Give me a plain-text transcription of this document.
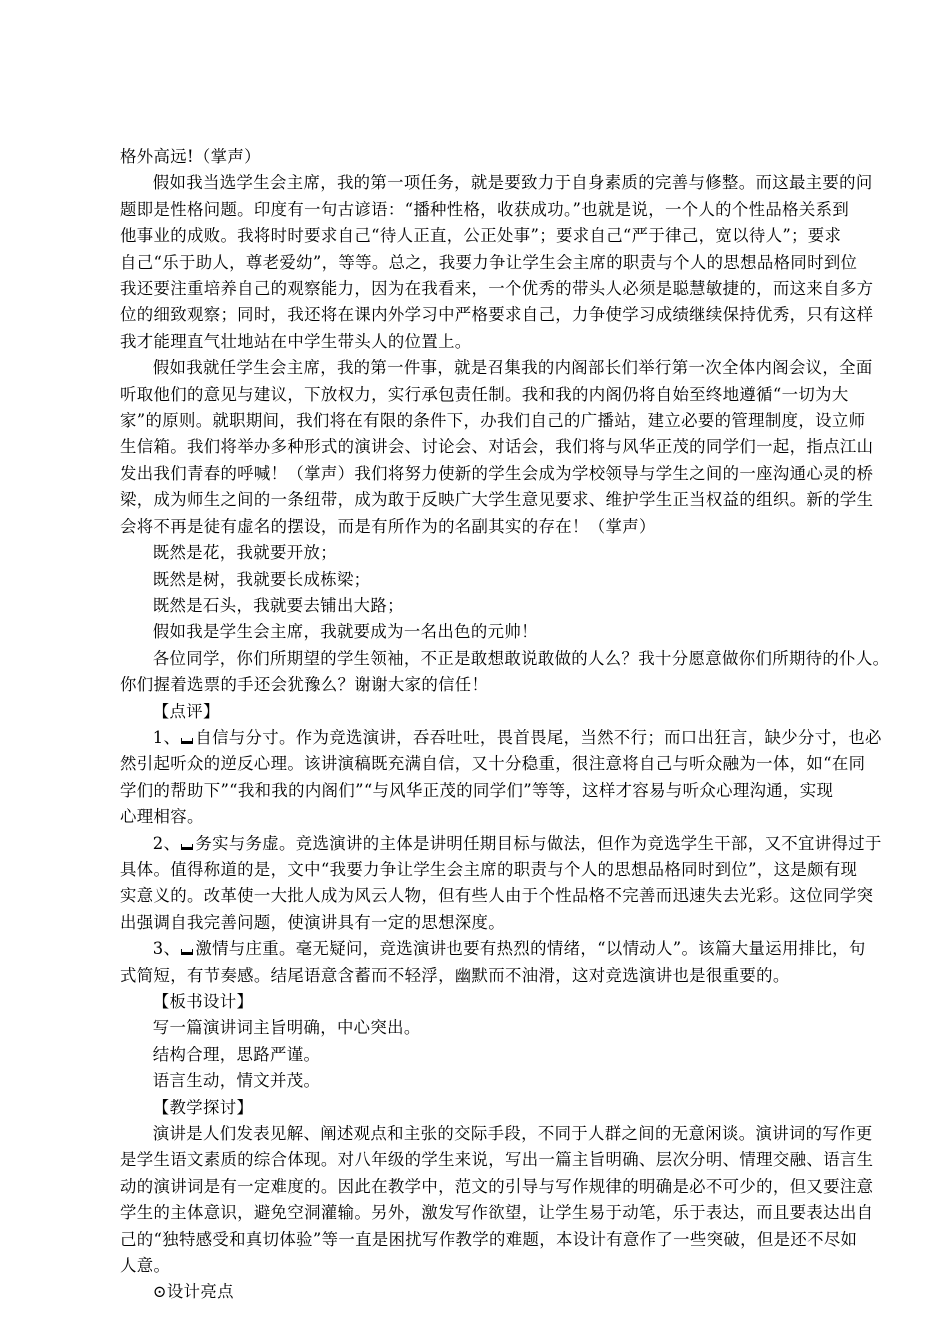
格外高远!（掌声）

假如我当选学生会主席，我的第一项任务，就是要致力于自身素质的完善与修整。而这最主要的问

题即是性格问题。印度有一句古谚语：“播种性格，收获成功。”也就是说，一个人的个性品格关系到

他事业的成败。我将时时要求自己“待人正直，公正处事”；要求自己“严于律己，宽以待人”；要求

自己“乐于助人，尊老爱幼”，等等。总之，我要力争让学生会主席的职责与个人的思想品格同时到位

我还要注重培养自己的观察能力，因为在我看来，一个优秀的带头人必须是聪慧敏捷的，而这来自多方

位的细致观察；同时，我还将在课内外学习中严格要求自己，力争使学习成绩继续保持优秀，只有这样

我才能理直气壮地站在中学生带头人的位置上。

假如我就任学生会主席，我的第一件事，就是召集我的内阁部长们举行第一次全体内阁会议，全面

听取他们的意见与建议，下放权力，实行承包责任制。我和我的内阁仍将自始至终地遵循“一切为大

家”的原则。就职期间，我们将在有限的条件下，办我们自己的广播站，建立必要的管理制度，设立师

生信箱。我们将举办多种形式的演讲会、讨论会、对话会，我们将与风华正茂的同学们一起，指点江山

发出我们青春的呼喊！（掌声）我们将努力使新的学生会成为学校领导与学生之间的一座沟通心灵的桥

梁，成为师生之间的一条纽带，成为敢于反映广大学生意见要求、维护学生正当权益的组织。新的学生

会将不再是徒有虚名的摆设，而是有所作为的名副其实的存在！（掌声）

既然是花，我就要开放；

既然是树，我就要长成栋梁；

既然是石头，我就要去铺出大路；

假如我是学生会主席，我就要成为一名出色的元帅！

各位同学，你们所期望的学生领袖，不正是敢想敢说敢做的人么？我十分愿意做你们所期待的仆人。

你们握着选票的手还会犹豫么？谢谢大家的信任！

【点评】

1、 自信与分寸。作为竞选演讲，吞吞吐吐，畏首畏尾，当然不行；而口出狂言，缺少分寸，也必

然引起听众的逆反心理。该讲演稿既充满自信，又十分稳重，很注意将自己与听众融为一体，如“在同

学们的帮助下”“我和我的内阁们”“与风华正茂的同学们”等等，这样才容易与听众心理沟通，实现

心理相容。

2、 务实与务虚。竞选演讲的主体是讲明任期目标与做法，但作为竞选学生干部，又不宜讲得过于

具体。值得称道的是，文中“我要力争让学生会主席的职责与个人的思想品格同时到位”，这是颇有现

实意义的。改革使一大批人成为风云人物，但有些人由于个性品格不完善而迅速失去光彩。这位同学突

出强调自我完善问题，使演讲具有一定的思想深度。

3、 激情与庄重。毫无疑问，竞选演讲也要有热烈的情绪，“以情动人”。该篇大量运用排比，句

式简短，有节奏感。结尾语意含蓄而不轻浮，幽默而不油滑，这对竞选演讲也是很重要的。

【板书设计】

写一篇演讲词主旨明确，中心突出。

结构合理，思路严谨。

语言生动，情文并茂。

【教学探讨】

演讲是人们发表见解、阐述观点和主张的交际手段，不同于人群之间的无意闲谈。演讲词的写作更

是学生语文素质的综合体现。对八年级的学生来说，写出一篇主旨明确、层次分明、情理交融、语言生

动的演讲词是有一定难度的。因此在教学中，范文的引导与写作规律的明确是必不可少的，但又要注意

学生的主体意识，避免空洞灌输。另外，激发写作欲望，让学生易于动笔，乐于表达，而且要表达出自

己的“独特感受和真切体验”等一直是困扰写作教学的难题，本设计有意作了一些突破，但是还不尽如

人意。

⊙设计亮点
